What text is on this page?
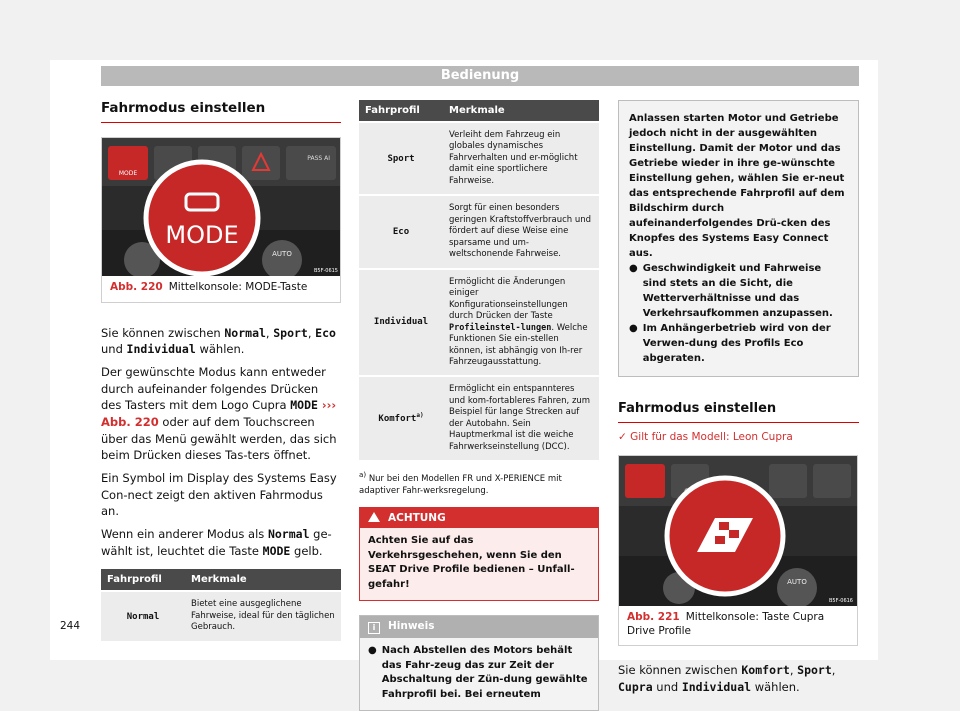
Bedienung
Fahrmodus einstellen
MODE
PASS AI
AUTO
MODE
B5F-0615
Abb. 220 Mittelkonsole: MODE-Taste

Sie können zwischen Normal, Sport, Eco und Individual wählen.

Der gewünschte Modus kann entweder durch aufeinander folgendes Drücken des Tasters mit dem Logo Cupra MODE ››› Abb. 220 oder auf dem Touchscreen über das Menü gewählt werden, das sich beim Drücken dieses Tas-ters öffnet.

Ein Symbol im Display des Systems Easy Con-nect zeigt den aktiven Fahrmodus an.

Wenn ein anderer Modus als Normal ge-wählt ist, leuchtet die Taste MODE gelb.

Fahrprofil	Merkmale
Normal	Bietet eine ausgeglichene Fahrweise, ideal für den täglichen Gebrauch.
Fahrprofil	Merkmale
Sport	Verleiht dem Fahrzeug ein globales dynamisches Fahrverhalten und er-möglicht damit eine sportlichere Fahrweise.
Eco	Sorgt für einen besonders geringen Kraftstoffverbrauch und fördert auf diese Weise eine sparsame und um-weltschonende Fahrweise.
Individual	Ermöglicht die Änderungen einiger Konfigurationseinstellungen durch Drücken der Taste Profileinstel-lungen. Welche Funktionen Sie ein-stellen können, ist abhängig von Ih-rer Fahrzeugausstattung.
Komfort$^{a)}$	Ermöglicht ein entspannteres und kom-fortableres Fahren, zum Beispiel für lange Strecken auf der Autobahn. Sein Hauptmerkmal ist die weiche Fahrwerkseinstellung (DCC).
$^{a)}$ Nur bei den Modellen FR und X-PERIENCE mit adaptiver Fahr-werksregelung.
ACHTUNG
Achten Sie auf das Verkehrsgeschehen, wenn Sie den SEAT Drive Profile bedienen – Unfall-gefahr!
i Hinweis
● Nach Abstellen des Motors behält das Fahr-zeug das zur Zeit der Abschaltung der Zün-dung gewählte Fahrprofil bei. Bei erneutem
Anlassen starten Motor und Getriebe jedoch nicht in der ausgewählten Einstellung. Damit der Motor und das Getriebe wieder in ihre ge-wünschte Einstellung gehen, wählen Sie er-neut das entsprechende Fahrprofil auf dem Bildschirm durch aufeinanderfolgendes Drü-cken des Knopfes des Systems Easy Connect aus.
● Geschwindigkeit und Fahrweise sind stets an die Sicht, die Wetterverhältnisse und das Verkehrsaufkommen anzupassen.
● Im Anhängerbetrieb wird von der Verwen-dung des Profils Eco abgeraten.
Fahrmodus einstellen
✓ Gilt für das Modell: Leon Cupra
AUTO
B5F-0616
Abb. 221 Mittelkonsole: Taste Cupra Drive Profile

Sie können zwischen Komfort, Sport, Cupra und Individual wählen.

244
